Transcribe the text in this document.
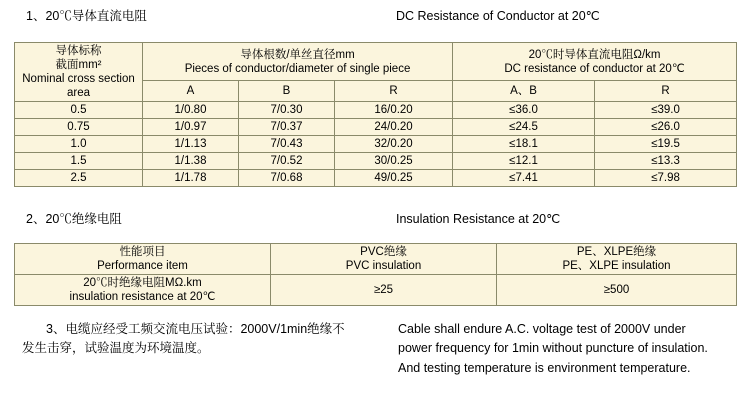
1、20℃导体直流电阻	DC Resistance of Conductor at 20℃
导体标称
截面mm²
Nominal cross section area	导体根数/单丝直径mm
Pieces of conductor/diameter of single piece			20℃时导体直流电阻Ω/km
DC resistance of conductor at 20℃	

	A	B	R	A、B	R
0.5	1/0.80	7/0.30	16/0.20	≤36.0	≤39.0
0.75	1/0.97	7/0.37	24/0.20	≤24.5	≤26.0
1.0	1/1.13	7/0.43	32/0.20	≤18.1	≤19.5
1.5	1/1.38	7/0.52	30/0.25	≤12.1	≤13.3
2.5	1/1.78	7/0.68	49/0.25	≤7.41	≤7.98
2、20℃绝缘电阻	Insulation Resistance at 20℃
性能项目
Performance item	PVC绝缘
PVC insulation	PE、XLPE绝缘
PE、XLPE insulation

20℃时绝缘电阻MΩ.km
insulation resistance at 20℃	≥25	≥500
3、电缆应经受工频交流电压试验：2000V/1min绝缘不 发生击穿，试验温度为环境温度。
Cable shall endure A.C. voltage test of 2000V under
power frequency for 1min without puncture of insulation.
And testing temperature is environment temperature.
